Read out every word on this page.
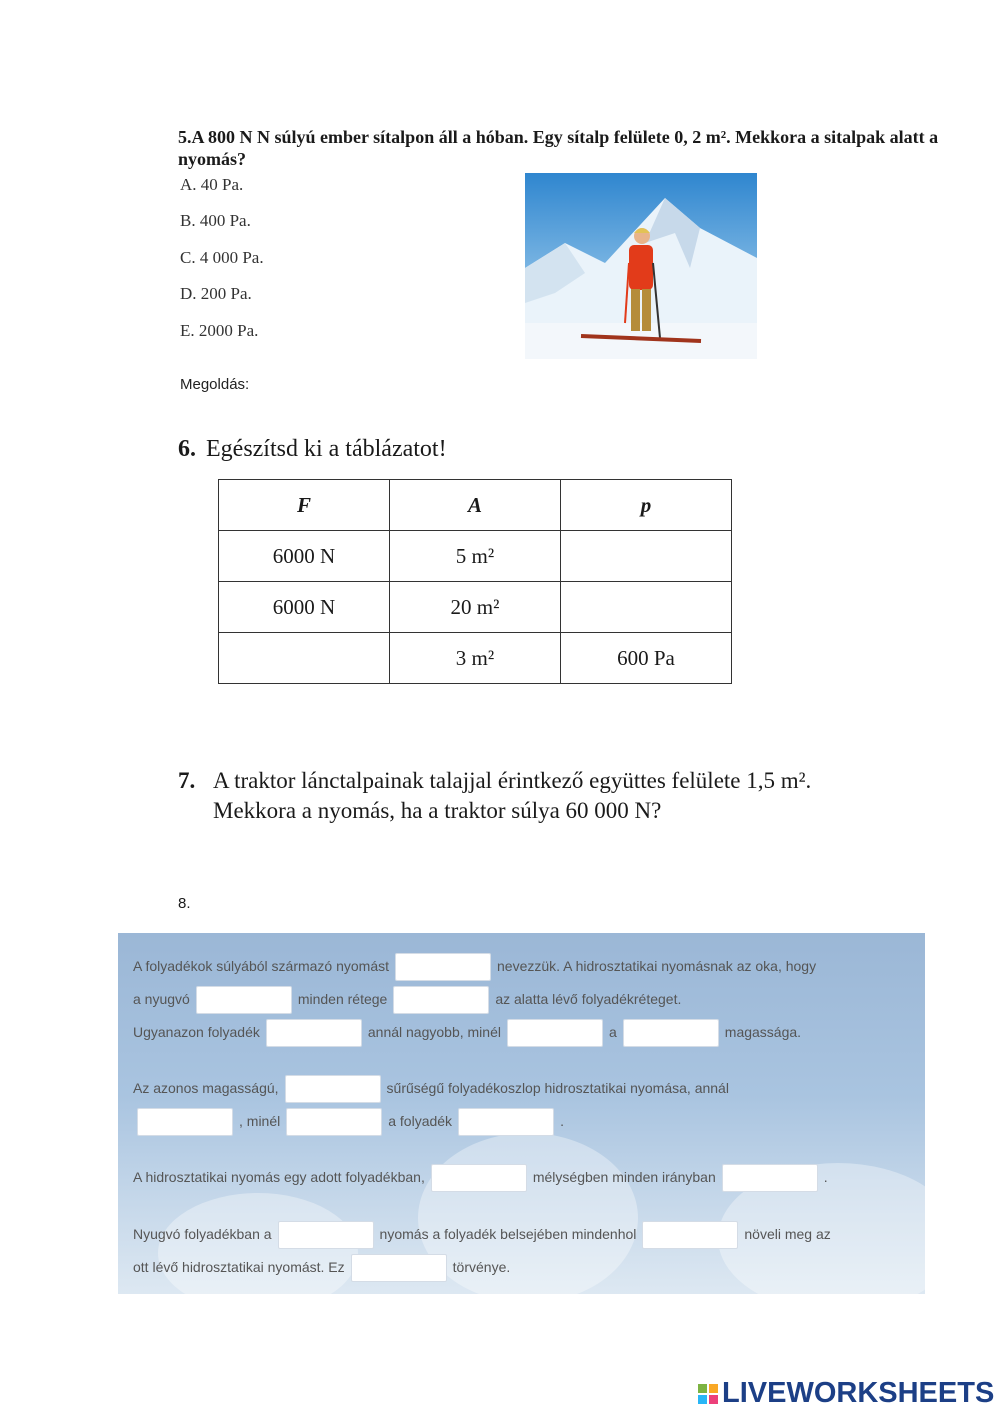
5.A 800 N N súlyú ember sítalpon áll a hóban. Egy sítalp felülete 0, 2 m². Mekkora a sitalpak alatt a nyomás?
A. 40 Pa.
B. 400 Pa.
C. 4 000 Pa.
D. 200 Pa.
E. 2000 Pa.
Megoldás:
6. Egészítsd ki a táblázatot!
F	A	p
6000 N	5 m²	
6000 N	20 m²	
	3 m²	600 Pa
7. A traktor lánctalpainak talajjal érintkező együttes felülete 1,5 m².
Mekkora a nyomás, ha a traktor súlya 60 000 N?
8.
A folyadékok súlyából származó nyomást	nevezzük. A hidrosztatikai nyomásnak az oka, hogy
a nyugvó	minden rétege	az alatta lévő folyadékréteget.
Ugyanazon folyadék	annál nagyobb, minél	a	magassága.
Az azonos magasságú,	sűrűségű folyadékoszlop hidrosztatikai nyomása, annál
, minél	a folyadék	.
A hidrosztatikai nyomás egy adott folyadékban,	mélységben minden irányban	.
Nyugvó folyadékban a	nyomás a folyadék belsejében mindenhol	növeli meg az
ott lévő hidrosztatikai nyomást. Ez	törvénye.
LIVEWORKSHEETS
